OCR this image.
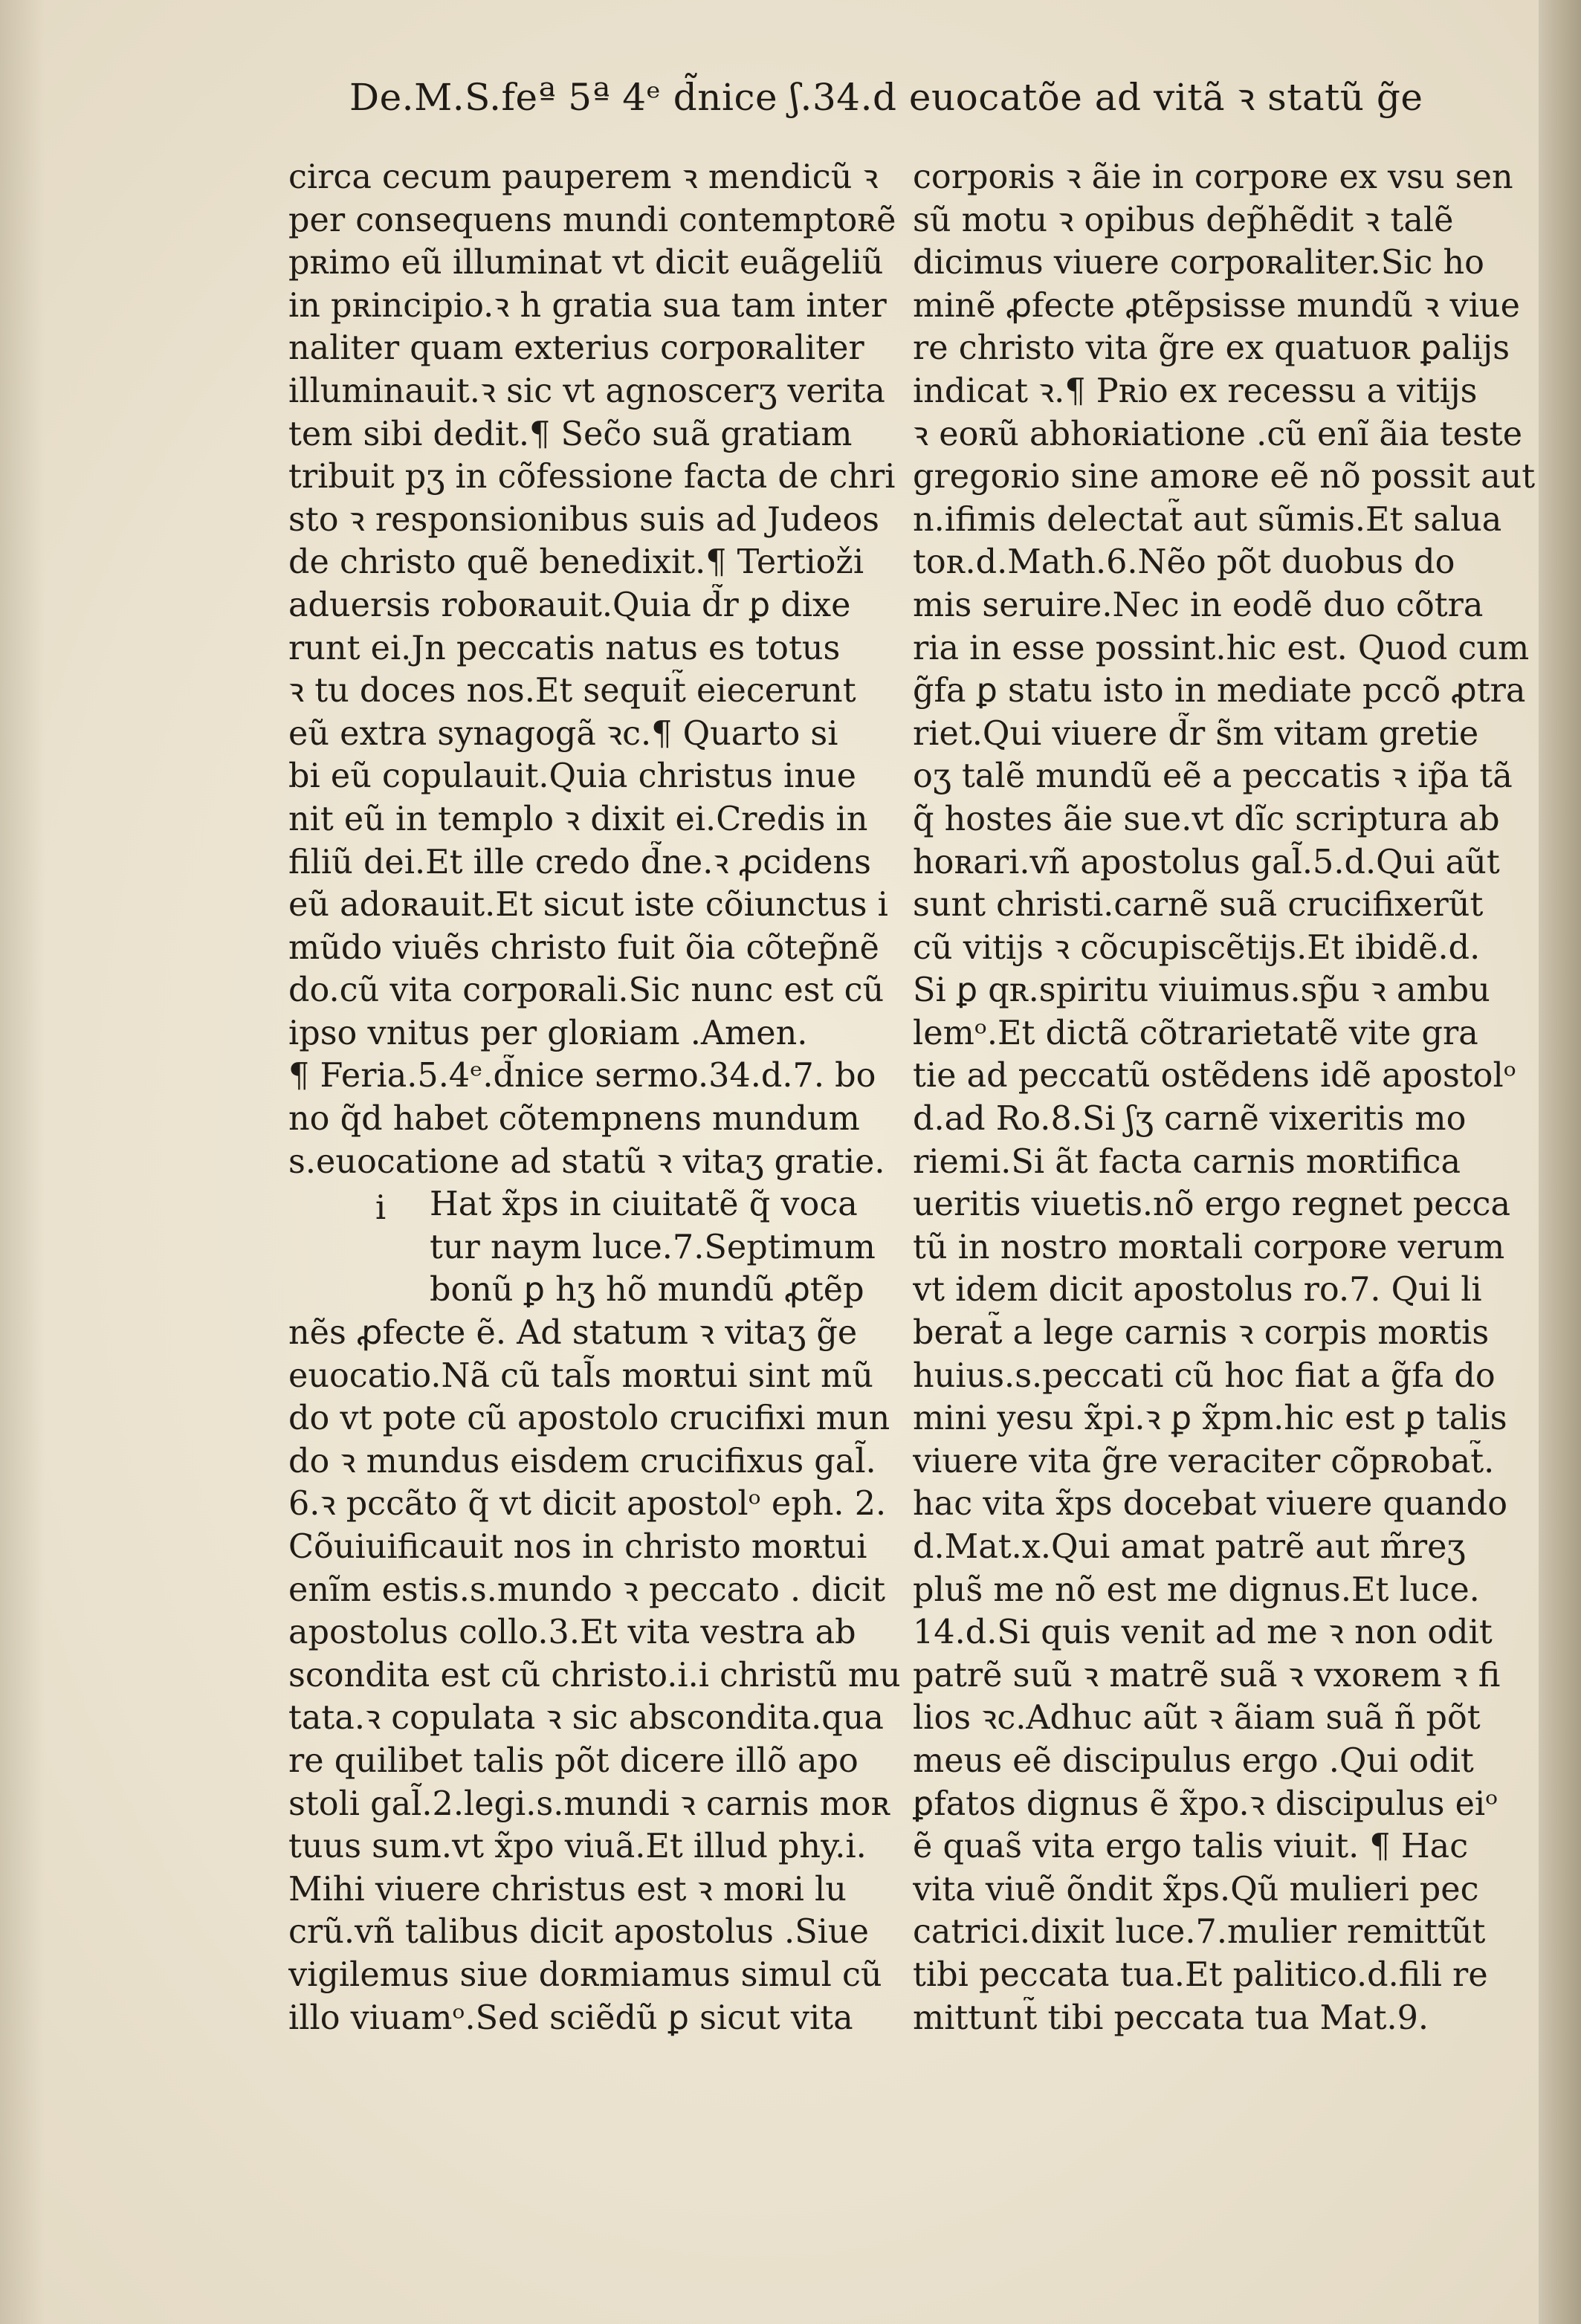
De.M.S.feª 5ª 4ᵉ d̃nice ʃ.34.d euocatõe ad vitã ꝛ statũ g̃e
circa cecum pauperem ꝛ mendicũ ꝛ
per consequens mundi contemptoʀẽ
pʀimo eũ illuminat vt dicit euãgeliũ
in pʀincipio.ꝛ h gratia sua tam inter
naliter quam exterius corpoʀaliter
illuminauit.ꝛ sic vt agnoscerʒ verita
tem sibi dedit.¶ Sec̃o suã gratiam
tribuit pʒ in cõfessione facta de chri
sto ꝛ responsionibus suis ad Judeos
de christo quẽ benedixit.¶ Tertioži
aduersis roboʀauit.Quia d̃r ꝑ dixe
runt ei.Jn peccatis natus es totus
ꝛ tu doces nos.Et sequit̃ eiecerunt
eũ extra synagogã ꝛc.¶ Quarto si
bi eũ copulauit.Quia christus inue
nit eũ in templo ꝛ dixit ei.Credis in
filiũ dei.Et ille credo d̃ne.ꝛ ꝓcidens
eũ adoʀauit.Et sicut iste cõiunctus i
mũdo viuẽs christo fuit õia cõtep̃nẽ
do.cũ vita corpoʀali.Sic nunc est cũ
ipso vnitus per gloʀiam .Amen.
¶ Feria.5.4ᵉ.d̃nice sermo.34.d.7. bo
no q̃d habet cõtempnens mundum
s.euocatione ad statũ ꝛ vitaʒ gratie.
Hat x̃ps in ciuitatẽ q̃ voca
tur naym luce.7.Septimum
bonũ ꝑ hʒ hõ mundũ ꝓtẽp
nẽs ꝓfecte ẽ. Ad statum ꝛ vitaʒ g̃e
euocatio.Nã cũ tal̃s moʀtui sint mũ
do vt pote cũ apostolo crucifixi mun
do ꝛ mundus eisdem crucifixus gal̃.
6.ꝛ pccãto q̃ vt dicit apostolᵒ eph. 2.
Cõuiuificauit nos in christo moʀtui
enĩm estis.s.mundo ꝛ peccato . dicit
apostolus collo.3.Et vita vestra ab
scondita est cũ christo.i.i christũ mu
tata.ꝛ copulata ꝛ sic abscondita.qua
re quilibet talis põt dicere illõ apo
stoli gal̃.2.legi.s.mundi ꝛ carnis moʀ
tuus sum.vt x̃po viuã.Et illud phy.i.
Mihi viuere christus est ꝛ moʀi lu
crũ.vñ talibus dicit apostolus .Siue
vigilemus siue doʀmiamus simul cũ
illo viuamᵒ.Sed sciẽdũ ꝑ sicut vita
corpoʀis ꝛ ãie in corpoʀe ex vsu sen
sũ motu ꝛ opibus dep̃hẽdit ꝛ talẽ
dicimus viuere corpoʀaliter.Sic ho
minẽ ꝓfecte ꝓtẽpsisse mundũ ꝛ viue
re christo vita g̃re ex quatuoʀ ꝑalijs
indicat ꝛ.¶ Pʀio ex recessu a vitijs
ꝛ eoʀũ abhoʀiatione .cũ enĩ ãia teste
gregoʀio sine amoʀe eẽ nõ possit aut
n.ifimis delectat̃ aut sũmis.Et salua
toʀ.d.Math.6.Nẽo põt duobus do
mis seruire.Nec in eodẽ duo cõtra
ria in esse possint.hic est. Quod cum
g̃fa ꝑ statu isto in mediate pccõ ꝓtra
riet.Qui viuere d̃r s̃m vitam gretie
oʒ talẽ mundũ eẽ a peccatis ꝛ ip̃a tã
q̃̃ hostes ãie sue.vt dĩc scriptura ab
hoʀari.vñ apostolus gal̃.5.d.Qui aũt
sunt christi.carnẽ suã crucifixerũt
cũ vitijs ꝛ cõcupiscẽtijs.Et ibidẽ.d.
Si ꝑ qʀ.spiritu viuimus.sp̃u ꝛ ambu
lemᵒ.Et dictã cõtrarietatẽ vite gra
tie ad peccatũ ostẽdens idẽ apostolᵒ
d.ad Ro.8.Si ʃʒ carnẽ vixeritis mo
riemi.Si ãt facta carnis moʀtifica
ueritis viuetis.nõ ergo regnet pecca
tũ in nostro moʀtali corpoʀe verum
vt idem dicit apostolus ro.7. Qui li
berat̃ a lege carnis ꝛ corpis moʀtis
huius.s.peccati cũ hoc fiat a g̃fa do
mini yesu x̃pi.ꝛ ꝑ x̃pm.hic est ꝑ talis
viuere vita g̃re veraciter cõpʀobat̃.
hac vita x̃ps docebat viuere quando
d.Mat.x.Qui amat patrẽ aut m̃reʒ
plus̃̃ me nõ est me dignus.Et luce.
14.d.Si quis venit ad me ꝛ non odit
patrẽ suũ ꝛ matrẽ suã ꝛ vxoʀem ꝛ fi
lios ꝛc.Adhuc aũt ꝛ ãiam suã ñ põt
meus eẽ discipulus ergo .Qui odit
ꝑfatos dignus ẽ x̃po.ꝛ discipulus eiᵒ
ẽ quas̃ vita ergo talis viuit. ¶ Hac
vita viuẽ õndit x̃ps.Qũ mulieri pec
catrici.dixit luce.7.mulier remittũt
tibi peccata tua.Et palitico.d.fili re
mittunt̃ tibi peccata tua Mat.9.
i
